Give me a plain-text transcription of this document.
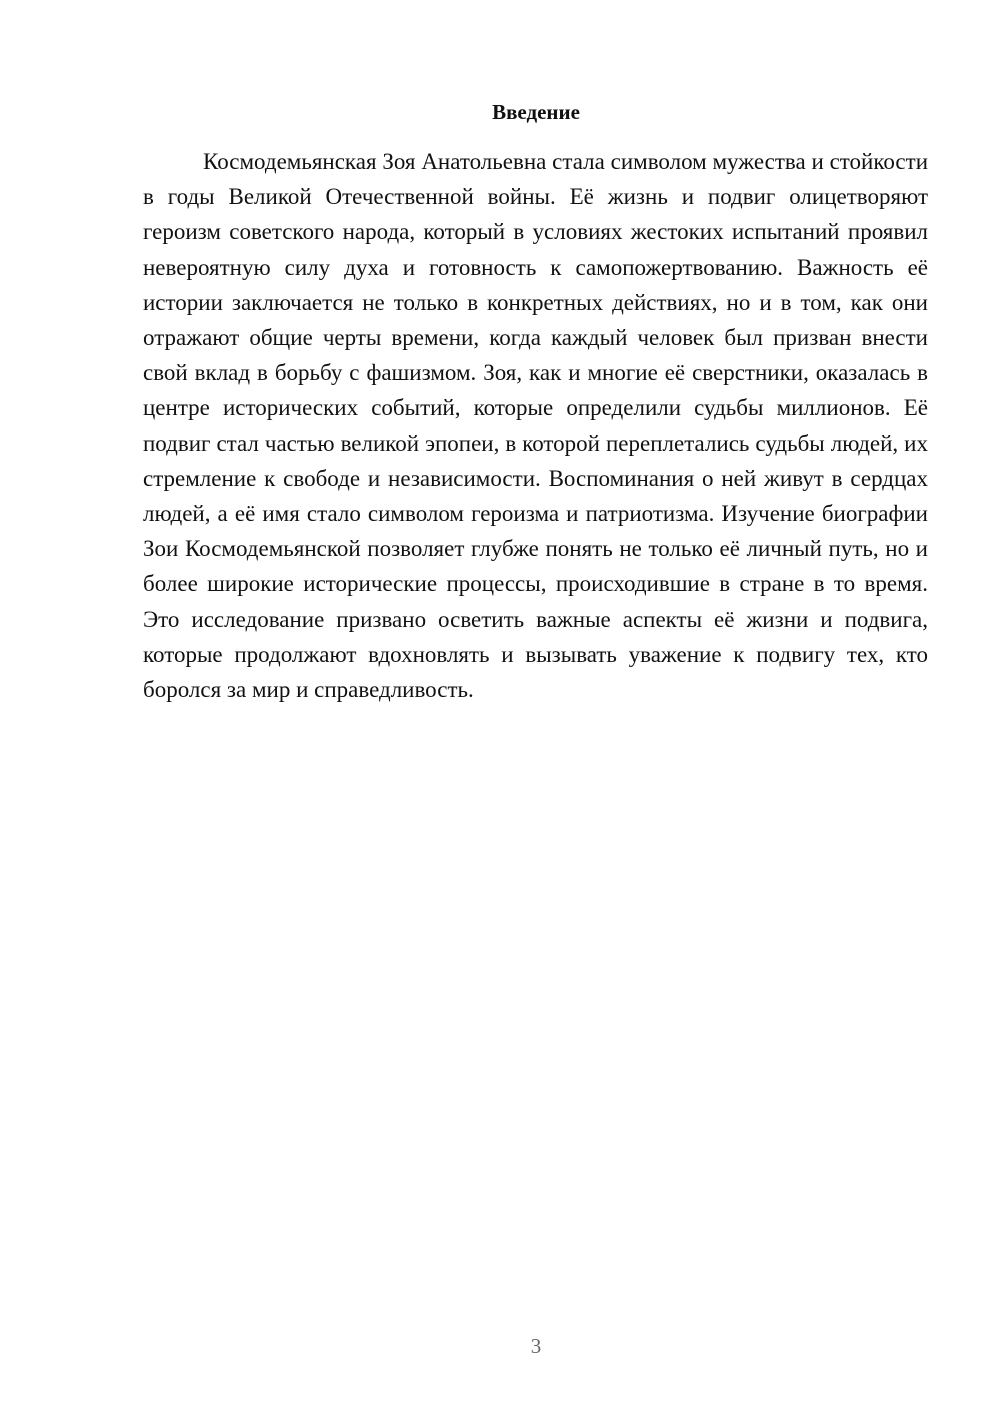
Введение

Космодемьянская Зоя Анатольевна стала символом мужества и стойкости в годы Великой Отечественной войны. Её жизнь и подвиг олицетворяют героизм советского народа, который в условиях жестоких испытаний проявил невероятную силу духа и готовность к самопожертвованию. Важность её истории заключается не только в конкретных действиях, но и в том, как они отражают общие черты времени, когда каждый человек был призван внести свой вклад в борьбу с фашизмом. Зоя, как и многие её сверстники, оказалась в центре исторических событий, которые определили судьбы миллионов. Её подвиг стал частью великой эпопеи, в которой переплетались судьбы людей, их стремление к свободе и независимости. Воспоминания о ней живут в сердцах людей, а её имя стало символом героизма и патриотизма. Изучение биографии Зои Космодемьянской позволяет глубже понять не только её личный путь, но и более широкие исторические процессы, происходившие в стране в то время. Это исследование призвано осветить важные аспекты её жизни и подвига, которые продолжают вдохновлять и вызывать уважение к подвигу тех, кто боролся за мир и справедливость.

3
